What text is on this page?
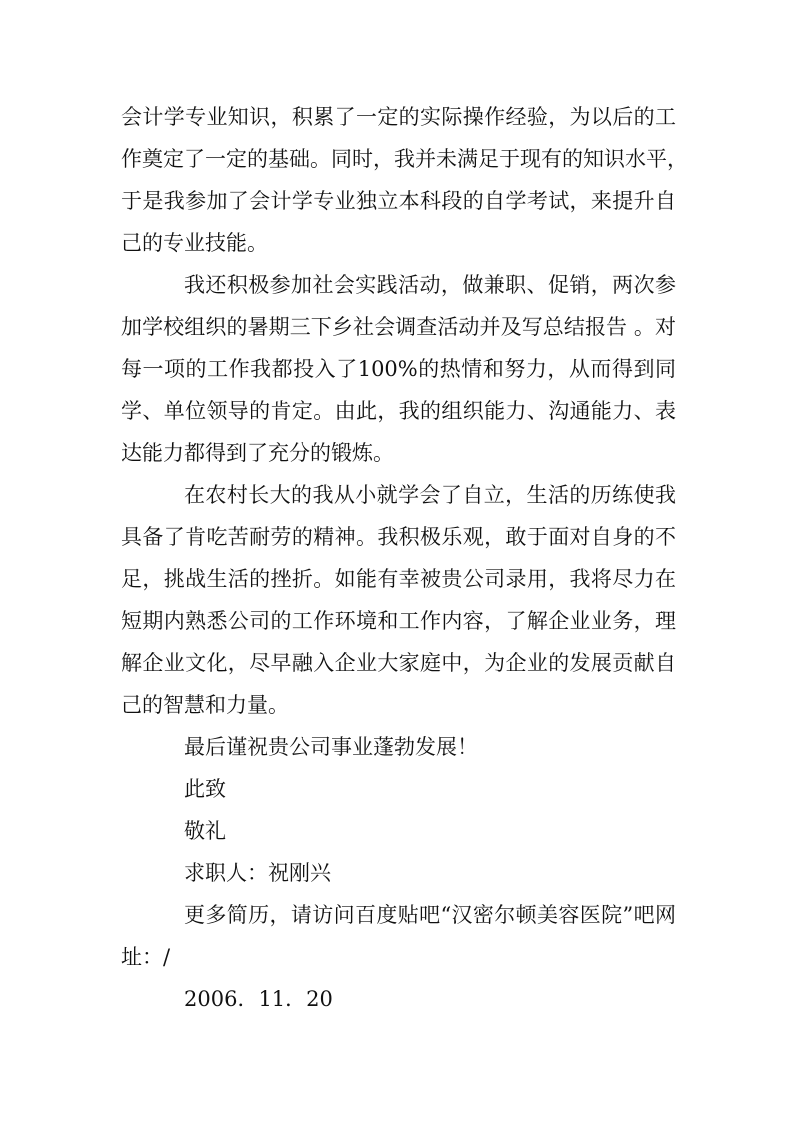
会计学专业知识，积累了一定的实际操作经验，为以后的工
作奠定了一定的基础。同时，我并未满足于现有的知识水平，
于是我参加了会计学专业独立本科段的自学考试，来提升自
己的专业技能。
我还积极参加社会实践活动，做兼职、促销，两次参
加学校组织的暑期三下乡社会调查活动并及写总结报告 。对
每一项的工作我都投入了100%的热情和努力，从而得到同
学、单位领导的肯定。由此，我的组织能力、沟通能力、表
达能力都得到了充分的锻炼。
在农村长大的我从小就学会了自立，生活的历练使我
具备了肯吃苦耐劳的精神。我积极乐观，敢于面对自身的不
足，挑战生活的挫折。如能有幸被贵公司录用，我将尽力在
短期内熟悉公司的工作环境和工作内容，了解企业业务，理
解企业文化，尽早融入企业大家庭中，为企业的发展贡献自
己的智慧和力量。
最后谨祝贵公司事业蓬勃发展！
此致
敬礼
求职人：祝刚兴
更多简历，请访问百度贴吧“汉密尔顿美容医院”吧网
址：/
2006．11．20
